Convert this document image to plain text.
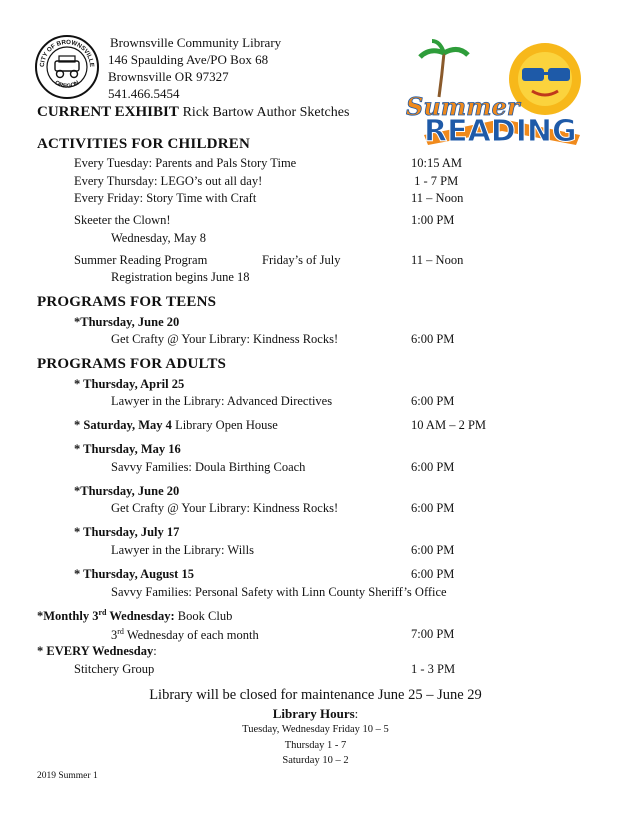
CITY OF BROWNSVILLE
OREGON
Brownsville Community Library
146 Spaulding Ave/PO Box 68
Brownsville OR 97327
541.466.5454	Summer
READING
CURRENT EXHIBIT Rick Bartow Author Sketches
ACTIVITIES FOR CHILDREN
Every Tuesday: Parents and Pals Story Time	10:15 AM
Every Thursday: LEGO’s out all day!	1 - 7 PM
Every Friday: Story Time with Craft	11 – Noon
Skeeter the Clown!	1:00 PM
Wednesday, May 8
Summer Reading Program	Friday’s of July	11 – Noon
Registration begins June 18
PROGRAMS FOR TEENS
*Thursday, June 20
Get Crafty @ Your Library: Kindness Rocks!	6:00 PM
PROGRAMS FOR ADULTS
* Thursday, April 25
Lawyer in the Library: Advanced Directives	6:00 PM
* Saturday, May 4 Library Open House	10 AM – 2 PM
* Thursday, May 16
Savvy Families: Doula Birthing Coach	6:00 PM
*Thursday, June 20
Get Crafty @ Your Library: Kindness Rocks!	6:00 PM
* Thursday, July 17
Lawyer in the Library: Wills	6:00 PM
* Thursday, August 15	6:00 PM
Savvy Families: Personal Safety with Linn County Sheriff’s Office
*Monthly 3rd Wednesday: Book Club
3rd Wednesday of each month	7:00 PM
* EVERY Wednesday:
Stitchery Group	1 - 3 PM
Library will be closed for maintenance June 25 – June 29
Library Hours:
Tuesday, Wednesday Friday 10 – 5
Thursday 1 - 7
Saturday 10 – 2
2019 Summer 1
